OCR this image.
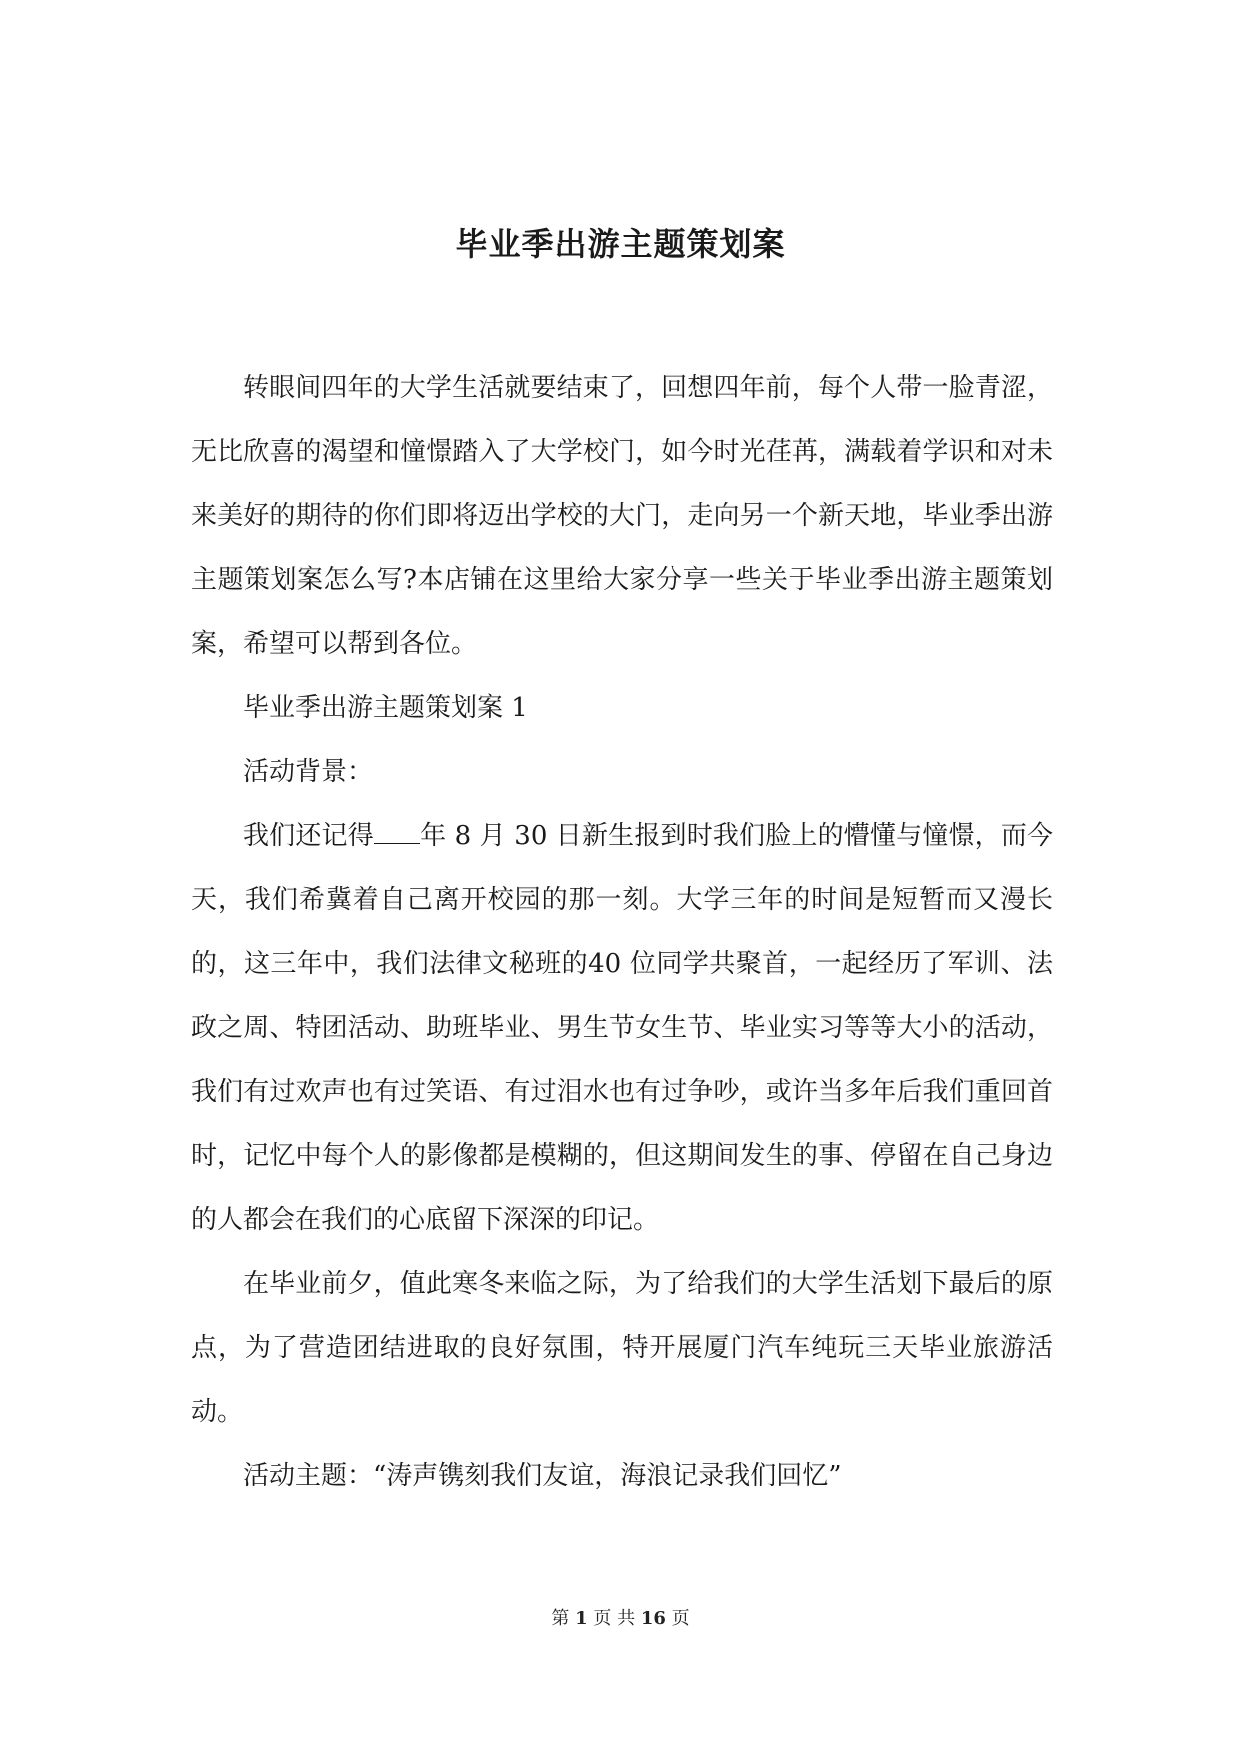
毕业季出游主题策划案

转眼间四年的大学生活就要结束了，回想四年前，每个人带一脸青涩，无比欣喜的渴望和憧憬踏入了大学校门，如今时光荏苒，满载着学识和对未来美好的期待的你们即将迈出学校的大门，走向另一个新天地，毕业季出游主题策划案怎么写?本店铺在这里给大家分享一些关于毕业季出游主题策划案，希望可以帮到各位。

毕业季出游主题策划案 1

活动背景：

我们还记得 年 8 月 30 日新生报到时我们脸上的懵懂与憧憬，而今天，我们希冀着自己离开校园的那一刻。大学三年的时间是短暂而又漫长的，这三年中，我们法律文秘班的40 位同学共聚首，一起经历了军训、法政之周、特团活动、助班毕业、男生节女生节、毕业实习等等大小的活动，我们有过欢声也有过笑语、有过泪水也有过争吵，或许当多年后我们重回首时，记忆中每个人的影像都是模糊的，但这期间发生的事、停留在自己身边的人都会在我们的心底留下深深的印记。

在毕业前夕，值此寒冬来临之际，为了给我们的大学生活划下最后的原点，为了营造团结进取的良好氛围，特开展厦门汽车纯玩三天毕业旅游活动。

活动主题：“涛声镌刻我们友谊，海浪记录我们回忆”

第 1 页 共 16 页
